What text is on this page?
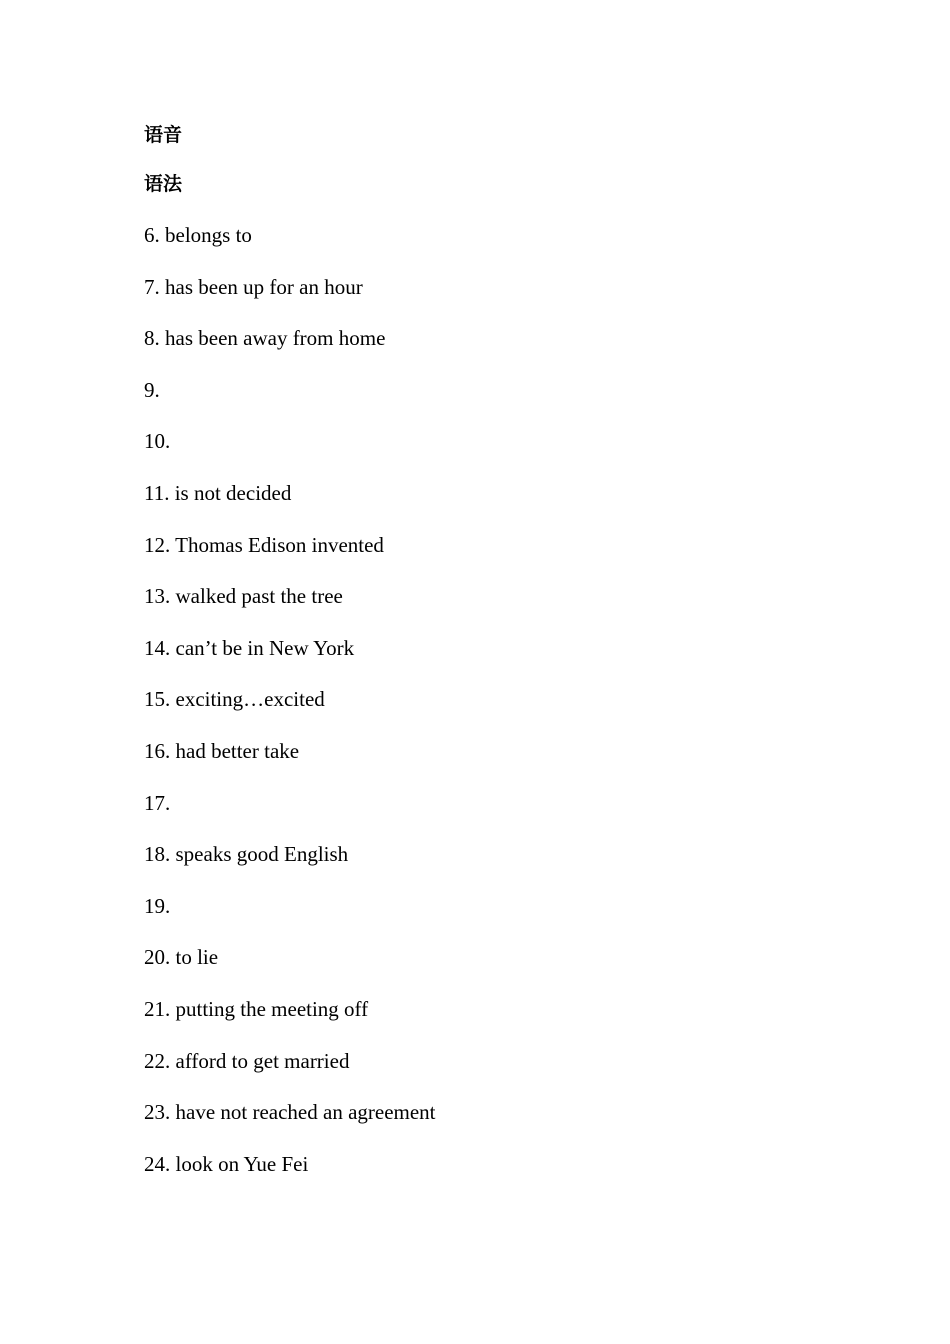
语音
语法
6. belongs to
7. has been up for an hour
8. has been away from home
9.
10.
11. is not decided
12. Thomas Edison invented
13. walked past the tree
14. can’t be in New York
15. exciting…excited
16. had better take
17.
18. speaks good English
19.
20. to lie
21. putting the meeting off
22. afford to get married
23. have not reached an agreement
24. look on Yue Fei
